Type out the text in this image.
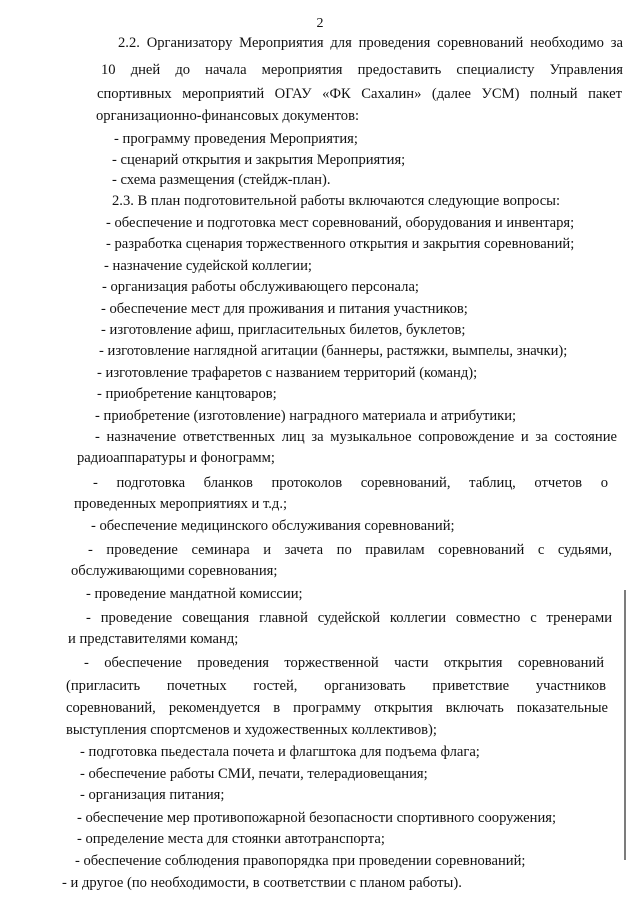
2
2.2. Организатору Мероприятия для проведения соревнований необходимо за
10 дней до начала мероприятия предоставить специалисту Управления
спортивных мероприятий ОГАУ «ФК Сахалин» (далее УСМ) полный пакет
организационно-финансовых документов:
- программу проведения Мероприятия;
- сценарий открытия и закрытия Мероприятия;
- схема размещения (стейдж-план).
2.3. В план подготовительной работы включаются следующие вопросы:
- обеспечение и подготовка мест соревнований, оборудования и инвентаря;
- разработка сценария торжественного открытия и закрытия соревнований;
- назначение судейской коллегии;
- организация работы обслуживающего персонала;
- обеспечение мест для проживания и питания участников;
- изготовление афиш, пригласительных билетов, буклетов;
- изготовление наглядной агитации (баннеры, растяжки, вымпелы, значки);
- изготовление трафаретов с названием территорий (команд);
- приобретение канцтоваров;
- приобретение (изготовление) наградного материала и атрибутики;
- назначение ответственных лиц за музыкальное сопровождение и за состояние
радиоаппаратуры и фонограмм;
- подготовка бланков протоколов соревнований, таблиц, отчетов о
проведенных мероприятиях и т.д.;
- обеспечение медицинского обслуживания соревнований;
- проведение семинара и зачета по правилам соревнований с судьями,
обслуживающими соревнования;
- проведение мандатной комиссии;
- проведение совещания главной судейской коллегии совместно с тренерами
и представителями команд;
- обеспечение проведения торжественной части открытия соревнований
(пригласить почетных гостей, организовать приветствие участников
соревнований, рекомендуется в программу открытия включать показательные
выступления спортсменов и художественных коллективов);
- подготовка пьедестала почета и флагштока для подъема флага;
- обеспечение работы СМИ, печати, телерадиовещания;
- организация питания;
- обеспечение мер противопожарной безопасности спортивного сооружения;
- определение места для стоянки автотранспорта;
- обеспечение соблюдения правопорядка при проведении соревнований;
- и другое (по необходимости, в соответствии с планом работы).
